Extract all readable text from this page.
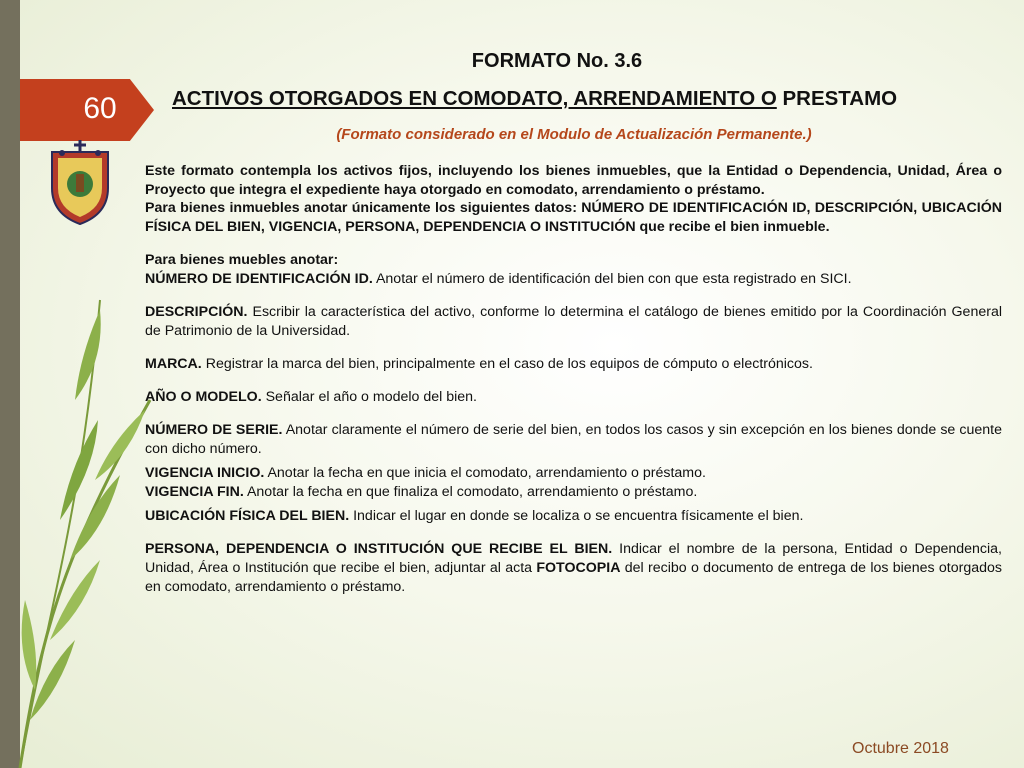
60
FORMATO No. 3.6
ACTIVOS OTORGADOS EN COMODATO, ARRENDAMIENTO O PRESTAMO
(Formato considerado en el Modulo de Actualización Permanente.)

Este formato contempla los activos fijos, incluyendo los bienes inmuebles, que la Entidad o Dependencia, Unidad, Área o Proyecto que integra el expediente haya otorgado en comodato, arrendamiento o préstamo.

Para bienes inmuebles anotar únicamente los siguientes datos: NÚMERO DE IDENTIFICACIÓN ID, DESCRIPCIÓN, UBICACIÓN FÍSICA DEL BIEN, VIGENCIA, PERSONA, DEPENDENCIA O INSTITUCIÓN que recibe el bien inmueble.

Para bienes muebles anotar:

NÚMERO DE IDENTIFICACIÓN ID. Anotar el número de identificación del bien con que esta registrado en SICI.

DESCRIPCIÓN. Escribir la característica del activo, conforme lo determina el catálogo de bienes emitido por la Coordinación General de Patrimonio de la Universidad.

MARCA. Registrar la marca del bien, principalmente en el caso de los equipos de cómputo o electrónicos.

AÑO O MODELO. Señalar el año o modelo del bien.

NÚMERO DE SERIE. Anotar claramente el número de serie del bien, en todos los casos y sin excepción en los bienes donde se cuente con dicho número.

VIGENCIA INICIO. Anotar la fecha en que inicia el comodato, arrendamiento o préstamo.

VIGENCIA FIN. Anotar la fecha en que finaliza el comodato, arrendamiento o préstamo.

UBICACIÓN FÍSICA DEL BIEN. Indicar el lugar en donde se localiza o se encuentra físicamente el bien.

PERSONA, DEPENDENCIA O INSTITUCIÓN QUE RECIBE EL BIEN. Indicar el nombre de la persona, Entidad o Dependencia, Unidad, Área o Institución que recibe el bien, adjuntar al acta FOTOCOPIA del recibo o documento de entrega de los bienes otorgados en comodato, arrendamiento o préstamo.

Octubre 2018
